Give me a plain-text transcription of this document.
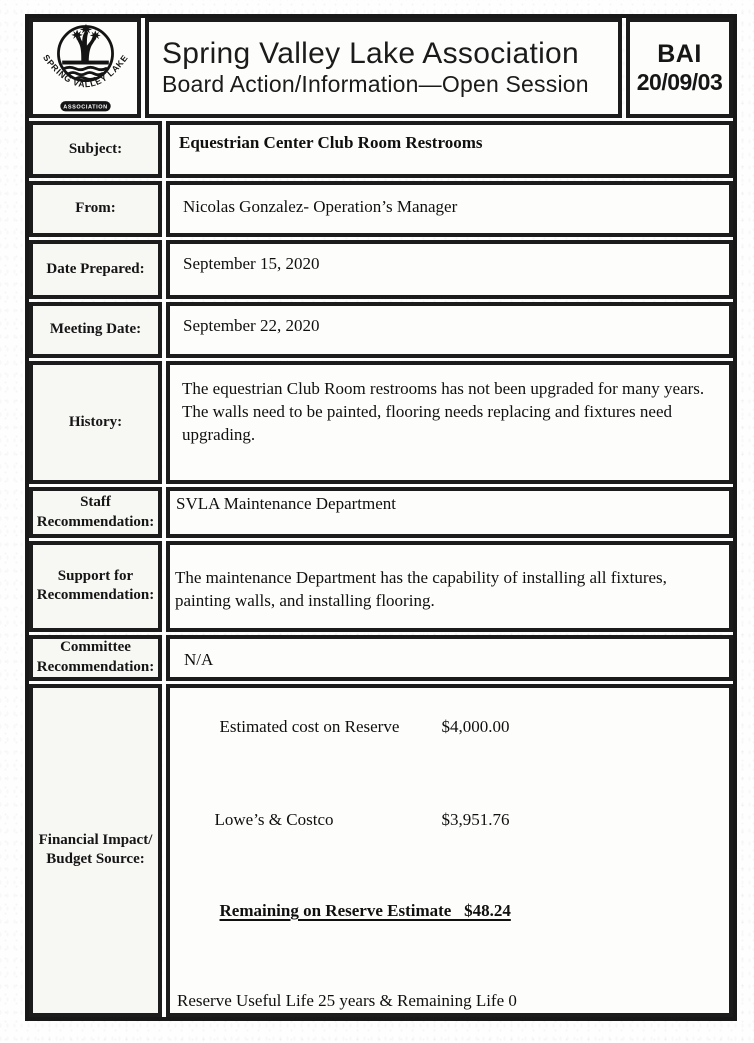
SPRING VALLEY LAKE
ASSOCIATION
Spring Valley Lake Association
Board Action/Information—Open Session
BAI
20/09/03
Subject:	Equestrian Center Club Room Restrooms
From:	Nicolas Gonzalez- Operation’s Manager
Date Prepared:	September 15, 2020
Meeting Date:	September 22, 2020
History:
The equestrian Club Room restrooms has not been upgraded for many years. The walls need to be painted, flooring needs replacing and fixtures need upgrading.
Staff Recommendation:
SVLA Maintenance Department
Support for Recommendation:
The maintenance Department has the capability of installing all fixtures, painting walls, and installing flooring.
Committee Recommendation:	N/A
Financial Impact/ Budget Source:

Estimated cost on Reserve $4,000.00

Lowe’s & Costco	$3,951.76

Remaining on Reserve Estimate   $48.24

Reserve Useful Life 25 years & Remaining Life 0
